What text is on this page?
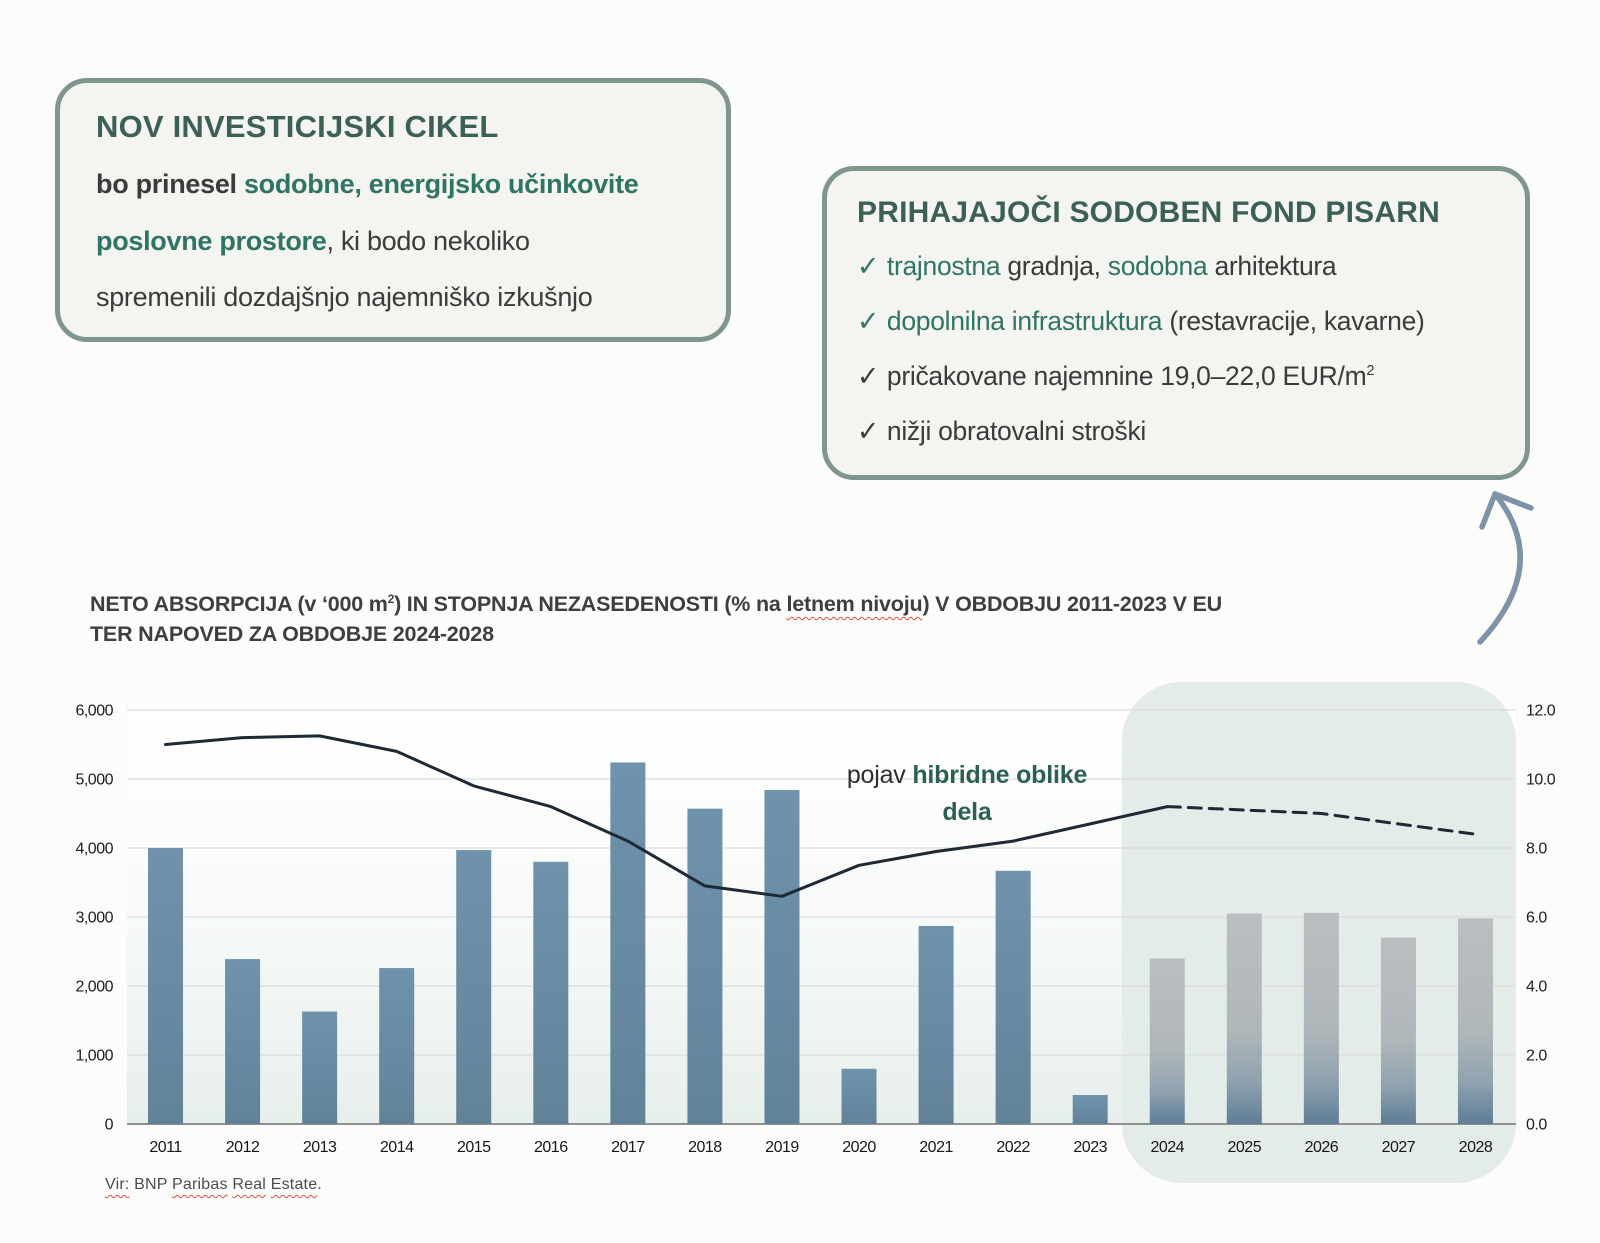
0
1,000
2,000
3,000
4,000
5,000
6,000
0.0
2.0
4.0
6.0
8.0
10.0
12.0
2011	2012	2013	2014	2015	2016	2017	2018	2019	2020	2021	2022	2023	2024	2025	2026	2027	2028
NOV INVESTICIJSKI CIKEL
bo prinesel sodobne, energijsko učinkovite
poslovne prostore, ki bodo nekoliko
spremenili dozdajšnjo najemniško izkušnjo
PRIHAJAJOČI SODOBEN FOND PISARN
✓ trajnostna gradnja, sodobna arhitektura
✓ dopolnilna infrastruktura (restavracije, kavarne)
✓ pričakovane najemnine 19,0–22,0 EUR/$m^2$
✓ nižji obratovalni stroški
NETO ABSORPCIJA (v ‘000 $m^2$) IN STOPNJA NEZASEDENOSTI (% na letnem nivoju) V OBDOBJU 2011-2023 V EU
TER NAPOVED ZA OBDOBJE 2024-2028
pojav hibridne oblike
dela
Vir: BNP Paribas Real Estate.
